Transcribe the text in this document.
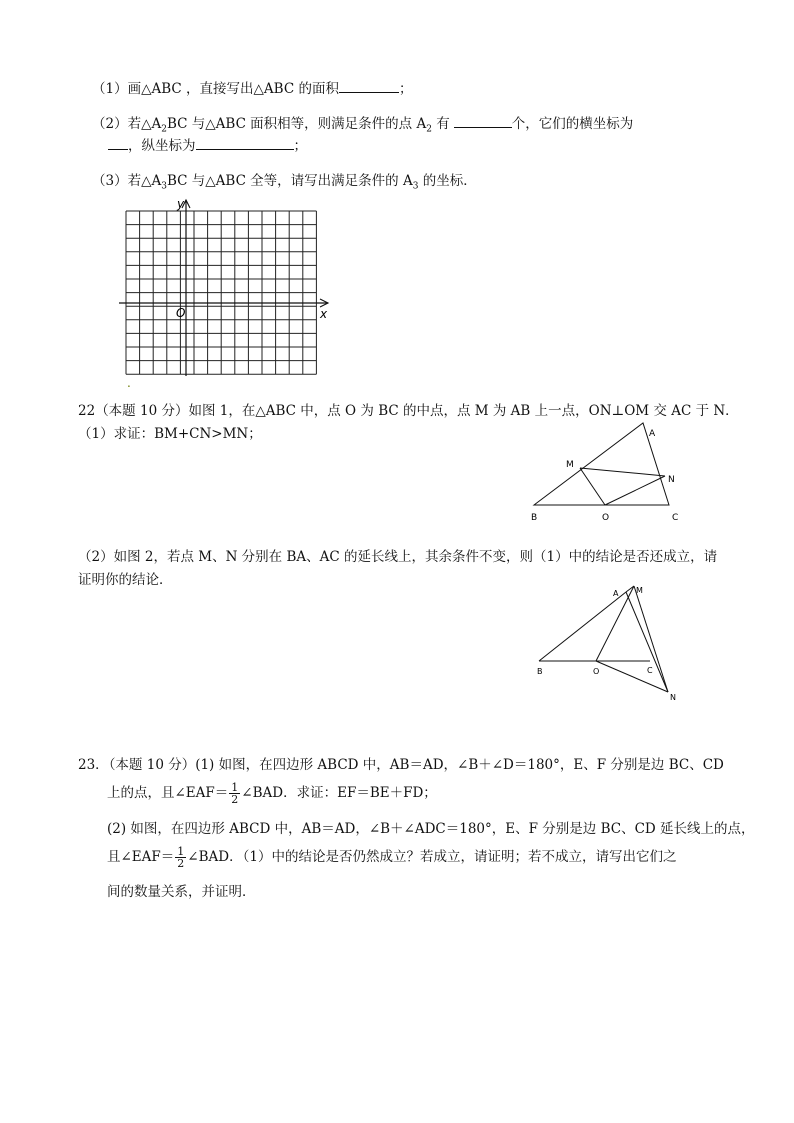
（1）画△ABC ，直接写出△ABC 的面积	；
（2）若$\triangle A_2BC$ 与△ABC 面积相等，则满足条件的点 $A_2$ 有	个，它们的横坐标为
，纵坐标为	；
（3）若$\triangle A_3BC$ 与△ABC 全等，请写出满足条件的 $A_3$ 的坐标．
y
x
O
.
22（本题 10 分）如图 1，在△ABC 中，点 O 为 BC 的中点，点 M 为 AB 上一点，ON⊥OM 交 AC 于 N．
（1）求证：BM+CN>MN；	A
B	C
M
N
O
（2）如图 2，若点 M、N 分别在 BA、AC 的延长线上，其余条件不变，则（1）中的结论是否还成立，请
证明你的结论．
A M
B	O	C
N
23．（本题 10 分）(1) 如图，在四边形 ABCD 中，AB＝AD，∠B＋∠D＝180°，E、F 分别是边 BC、CD
上的点，且∠EAF＝ $\frac{1}{2}$ ∠BAD．求证：EF＝BE＋FD；
(2) 如图，在四边形 ABCD 中，AB＝AD，∠B＋∠ADC＝180°，E、F 分别是边 BC、CD 延长线上的点，
且∠EAF＝ $\frac{1}{2}$ ∠BAD．（1）中的结论是否仍然成立？若成立，请证明；若不成立，请写出它们之
间的数量关系，并证明．
